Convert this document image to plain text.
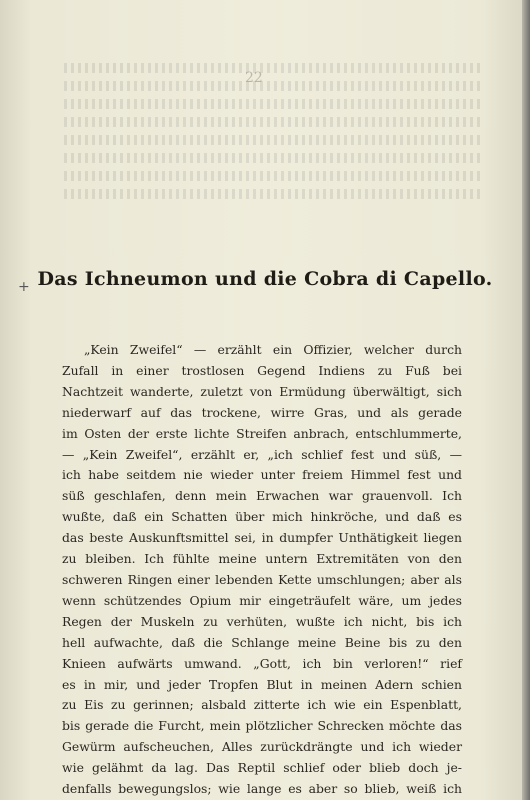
22
+ Das Ichneumon und die Cobra di Capello.
„Kein Zweifel“ — erzählt ein Offizier, welcher durch
Zufall in einer trostlosen Gegend Indiens zu Fuß bei
Nachtzeit wanderte, zuletzt von Ermüdung überwältigt, sich
niederwarf auf das trockene, wirre Gras, und als gerade
im Osten der erste lichte Streifen anbrach, entschlummerte,
— „Kein Zweifel“, erzählt er, „ich schlief fest und süß, —
ich habe seitdem nie wieder unter freiem Himmel fest und
süß geschlafen, denn mein Erwachen war grauenvoll. Ich
wußte, daß ein Schatten über mich hinkröche, und daß es
das beste Auskunftsmittel sei, in dumpfer Unthätigkeit liegen
zu bleiben. Ich fühlte meine untern Extremitäten von den
schweren Ringen einer lebenden Kette umschlungen; aber als
wenn schützendes Opium mir eingeträufelt wäre, um jedes
Regen der Muskeln zu verhüten, wußte ich nicht, bis ich
hell aufwachte, daß die Schlange meine Beine bis zu den
Knieen aufwärts umwand. „Gott, ich bin verloren!“ rief
es in mir, und jeder Tropfen Blut in meinen Adern schien
zu Eis zu gerinnen; alsbald zitterte ich wie ein Espenblatt,
bis gerade die Furcht, mein plötzlicher Schrecken möchte das
Gewürm aufscheuchen, Alles zurückdrängte und ich wieder
wie gelähmt da lag. Das Reptil schlief oder blieb doch je-
denfalls bewegungslos; wie lange es aber so blieb, weiß ich
